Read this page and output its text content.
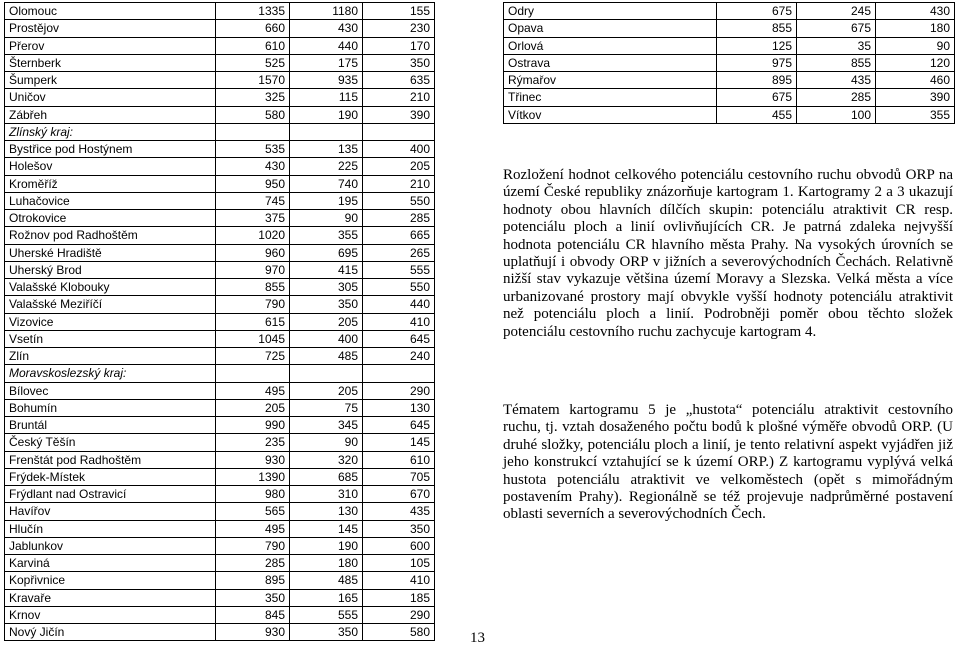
Olomouc	1335	1180	155
Prostějov	660	430	230
Přerov	610	440	170
Šternberk	525	175	350
Šumperk	1570	935	635
Uničov	325	115	210
Zábřeh	580	190	390
Zlínský kraj:			
Bystřice pod Hostýnem	535	135	400
Holešov	430	225	205
Kroměříž	950	740	210
Luhačovice	745	195	550
Otrokovice	375	90	285
Rožnov pod Radhoštěm	1020	355	665
Uherské Hradiště	960	695	265
Uherský Brod	970	415	555
Valašské Klobouky	855	305	550
Valašské Meziříčí	790	350	440
Vizovice	615	205	410
Vsetín	1045	400	645
Zlín	725	485	240
Moravskoslezský kraj:			
Bílovec	495	205	290
Bohumín	205	75	130
Bruntál	990	345	645
Český Těšín	235	90	145
Frenštát pod Radhoštěm	930	320	610
Frýdek-Místek	1390	685	705
Frýdlant nad Ostravicí	980	310	670
Havířov	565	130	435
Hlučín	495	145	350
Jablunkov	790	190	600
Karviná	285	180	105
Kopřivnice	895	485	410
Kravaře	350	165	185
Krnov	845	555	290
Nový Jičín	930	350	580
Odry	675	245	430
Opava	855	675	180
Orlová	125	35	90
Ostrava	975	855	120
Rýmařov	895	435	460
Třinec	675	285	390
Vítkov	455	100	355

Rozložení hodnot celkového potenciálu cestovního ruchu obvodů ORP na území České republiky znázorňuje kartogram 1. Kartogramy 2 a 3 ukazují hodnoty obou hlavních dílčích skupin: potenciálu atraktivit CR resp. potenciálu ploch a linií ovlivňujících CR. Je patrná zdaleka nejvyšší hodnota potenciálu CR hlavního města Prahy. Na vysokých úrovních se uplatňují i obvody ORP v jižních a severovýchodních Čechách. Relativně nižší stav vykazuje většina území Moravy a Slezska. Velká města a více urbanizované prostory mají obvykle vyšší hodnoty potenciálu atraktivit než potenciálu ploch a linií. Podrobněji poměr obou těchto složek potenciálu cestovního ruchu zachycuje kartogram 4.

Tématem kartogramu 5 je „hustota“ potenciálu atraktivit cestovního ruchu, tj. vztah dosaženého počtu bodů k plošné výměře obvodů ORP. (U druhé složky, potenciálu ploch a linií, je tento relativní aspekt vyjádřen již jeho konstrukcí vztahující se k území ORP.) Z kartogramu vyplývá velká hustota potenciálu atraktivit ve velkoměstech (opět s mimořádným postavením Prahy). Regionálně se též projevuje nadprůměrné postavení oblasti severních a severovýchodních Čech.

13
